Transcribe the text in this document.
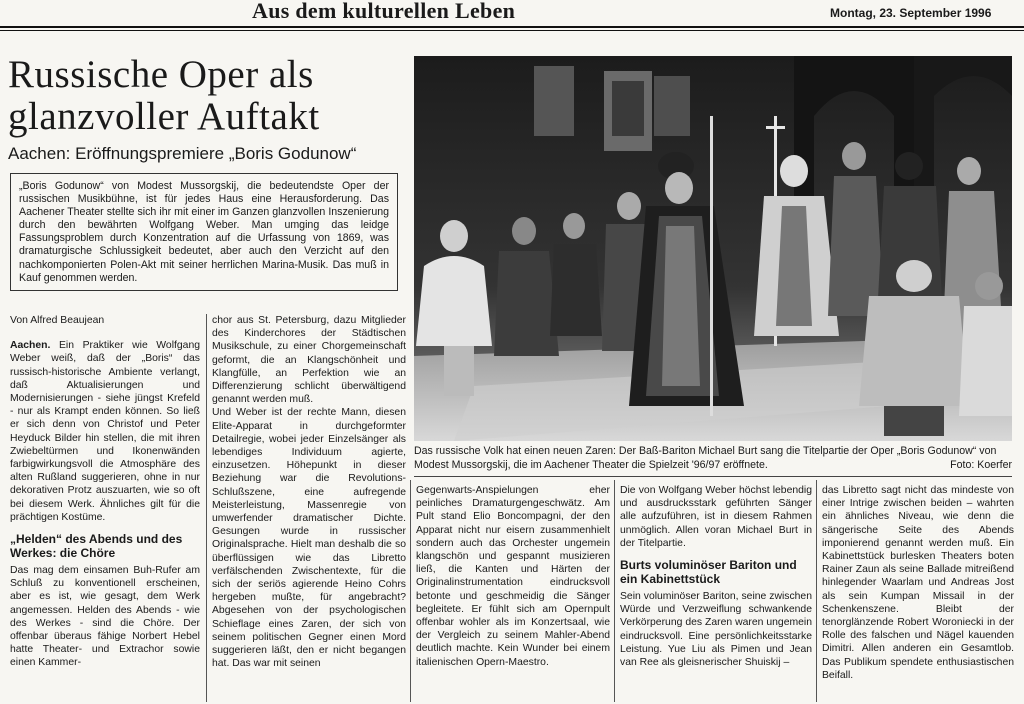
Aus dem kulturellen Leben	Montag, 23. September 1996
Russische Oper als
glanzvoller Auftakt
Aachen: Eröffnungspremiere „Boris Godunow“
„Boris Godunow“ von Modest Mussorgskij, die bedeutendste Oper der russischen Musikbühne, ist für jedes Haus eine Herausforderung. Das Aachener Theater stellte sich ihr mit einer im Ganzen glanzvollen Inszenierung durch den bewährten Wolfgang Weber. Man umging das leidge Fassungsproblem durch Konzentration auf die Urfassung von 1869, was dramaturgische Schlussigkeit bedeutet, aber auch den Verzicht auf den nachkomponierten Polen-Akt mit seiner herrlichen Marina-Musik. Das muß in Kauf genommen werden.
Das russische Volk hat einen neuen Zaren: Der Baß-Bariton Michael Burt sang die Titelpartie der Oper „Boris Godunow“ von Modest Mussorgskij, die im Aachener Theater die Spielzeit '96/97 eröffnete.	Foto: Koerfer

Von Alfred Beaujean

Aachen. Ein Praktiker wie Wolfgang Weber weiß, daß der „Boris“ das russisch-historische Ambiente verlangt, daß Aktualisierungen und Modernisierungen - siehe jüngst Krefeld - nur als Krampt enden können. So ließ er sich denn von Christof und Peter Heyduck Bilder hin stellen, die mit ihren Zwiebeltürmen und Ikonenwänden farbigwirkungsvoll die Atmosphäre des alten Rußland suggerieren, ohne in nur dekorativen Protz auszuarten, wie so oft bei diesem Werk. Ähnliches gilt für die prächtigen Kostüme.

„Helden“ des Abends und des Werkes: die Chöre

Das mag dem einsamen Buh-Rufer am Schluß zu konventionell erscheinen, aber es ist, wie gesagt, dem Werk angemessen. Helden des Abends - wie des Werkes - sind die Chöre. Der offenbar überaus fähige Norbert Hebel hatte Theater- und Extrachor sowie einen Kammer-

chor aus St. Petersburg, dazu Mitglieder des Kinderchores der Städtischen Musikschule, zu einer Chorgemeinschaft geformt, die an Klangschönheit und Klangfülle, an Perfektion wie an Differenzierung schlicht überwältigend genannt werden muß.

Und Weber ist der rechte Mann, diesen Elite-Apparat in durchgeformter Detailregie, wobei jeder Einzelsänger als lebendiges Individuum agierte, einzusetzen. Höhepunkt in dieser Beziehung war die Revolutions-Schlußszene, eine aufregende Meisterleistung, Massenregie von umwerfender dramatischer Dichte. Gesungen wurde in russischer Originalsprache. Hielt man deshalb die so überflüssigen wie das Libretto verfälschenden Zwischentexte, für die sich der seriös agierende Heino Cohrs hergeben mußte, für angebracht? Abgesehen von der psychologischen Schieflage eines Zaren, der sich von seinem politischen Gegner einen Mord suggerieren läßt, den er nicht begangen hat. Das war mit seinen

Gegenwarts-Anspielungen eher peinliches Dramaturgengeschwätz. Am Pult stand Elio Boncompagni, der den Apparat nicht nur eisern zusammenhielt sondern auch das Orchester ungemein klangschön und gespannt musizieren ließ, die Kanten und Härten der Originalinstrumentation eindrucksvoll betonte und geschmeidig die Sänger begleitete. Er fühlt sich am Opernpult offenbar wohler als im Konzertsaal, wie der Vergleich zu seinem Mahler-Abend deutlich machte. Kein Wunder bei einem italienischen Opern-Maestro.

Die von Wolfgang Weber höchst lebendig und ausdrucksstark geführten Sänger alle aufzuführen, ist in diesem Rahmen unmöglich. Allen voran Michael Burt in der Titelpartie.

Burts voluminöser Bariton und ein Kabinettstück

Sein voluminöser Bariton, seine zwischen Würde und Verzweiflung schwankende Verkörperung des Zaren waren ungemein eindrucksvoll. Eine persönlichkeitsstarke Leistung. Yue Liu als Pimen und Jean van Ree als gleisnerischer Shuiskij –

das Libretto sagt nicht das mindeste von einer Intrige zwischen beiden – wahrten ein ähnliches Niveau, wie denn die sängerische Seite des Abends imponierend genannt werden muß. Ein Kabinettstück burlesken Theaters boten Rainer Zaun als seine Ballade mitreißend hinlegender Waarlam und Andreas Jost als sein Kumpan Missail in der Schenkenszene. Bleibt der tenorglänzende Robert Woroniecki in der Rolle des falschen und Nägel kauenden Dimitri. Allen anderen ein Gesamtlob. Das Publikum spendete enthusiastischen Beifall.
